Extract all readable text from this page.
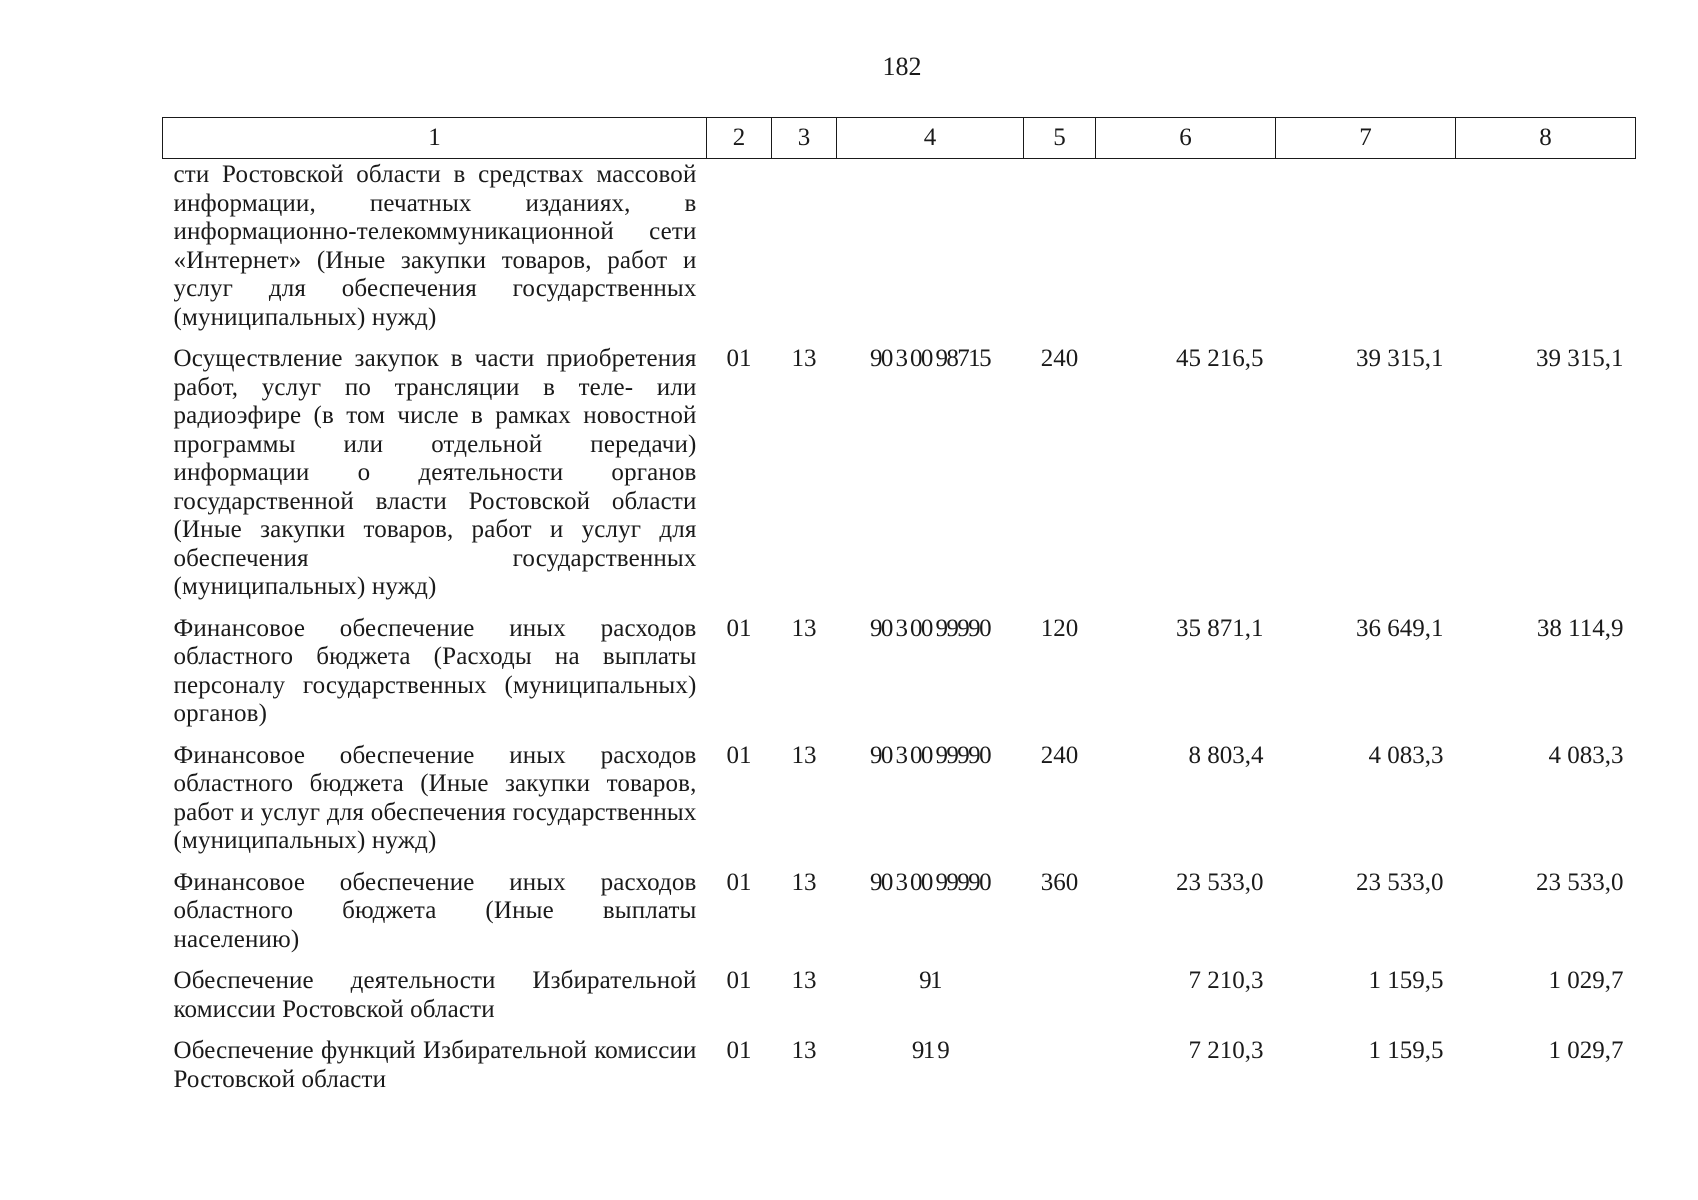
182
1	2	3	4	5	6	7	8
сти Ростовской области в средствах массовой информации, печатных изданиях, в информационно-телекоммуникационной сети «Интернет» (Иные закупки товаров, работ и услуг для обеспечения государственных (муниципальных) нужд)							
Осуществление закупок в части приобретения работ, услуг по трансляции в теле- или радиоэфире (в том числе в рамках новостной программы или отдельной передачи) информации о деятельности органов государственной власти Ростовской области (Иные закупки товаров, работ и услуг для обеспечения государственных (муниципальных) нужд)	01	13	90 3 00 98715	240	45 216,5	39 315,1	39 315,1
Финансовое обеспечение иных расходов областного бюджета (Расходы на выплаты персоналу государственных (муниципальных) органов)	01	13	90 3 00 99990	120	35 871,1	36 649,1	38 114,9
Финансовое обеспечение иных расходов областного бюджета (Иные закупки товаров, работ и услуг для обеспечения государственных (муниципальных) нужд)	01	13	90 3 00 99990	240	8 803,4	4 083,3	4 083,3
Финансовое обеспечение иных расходов областного бюджета (Иные выплаты населению)	01	13	90 3 00 99990	360	23 533,0	23 533,0	23 533,0
Обеспечение деятельности Избирательной комиссии Ростовской области	01	13	91		7 210,3	1 159,5	1 029,7
Обеспечение функций Избирательной комиссии Ростовской области	01	13	91 9		7 210,3	1 159,5	1 029,7
